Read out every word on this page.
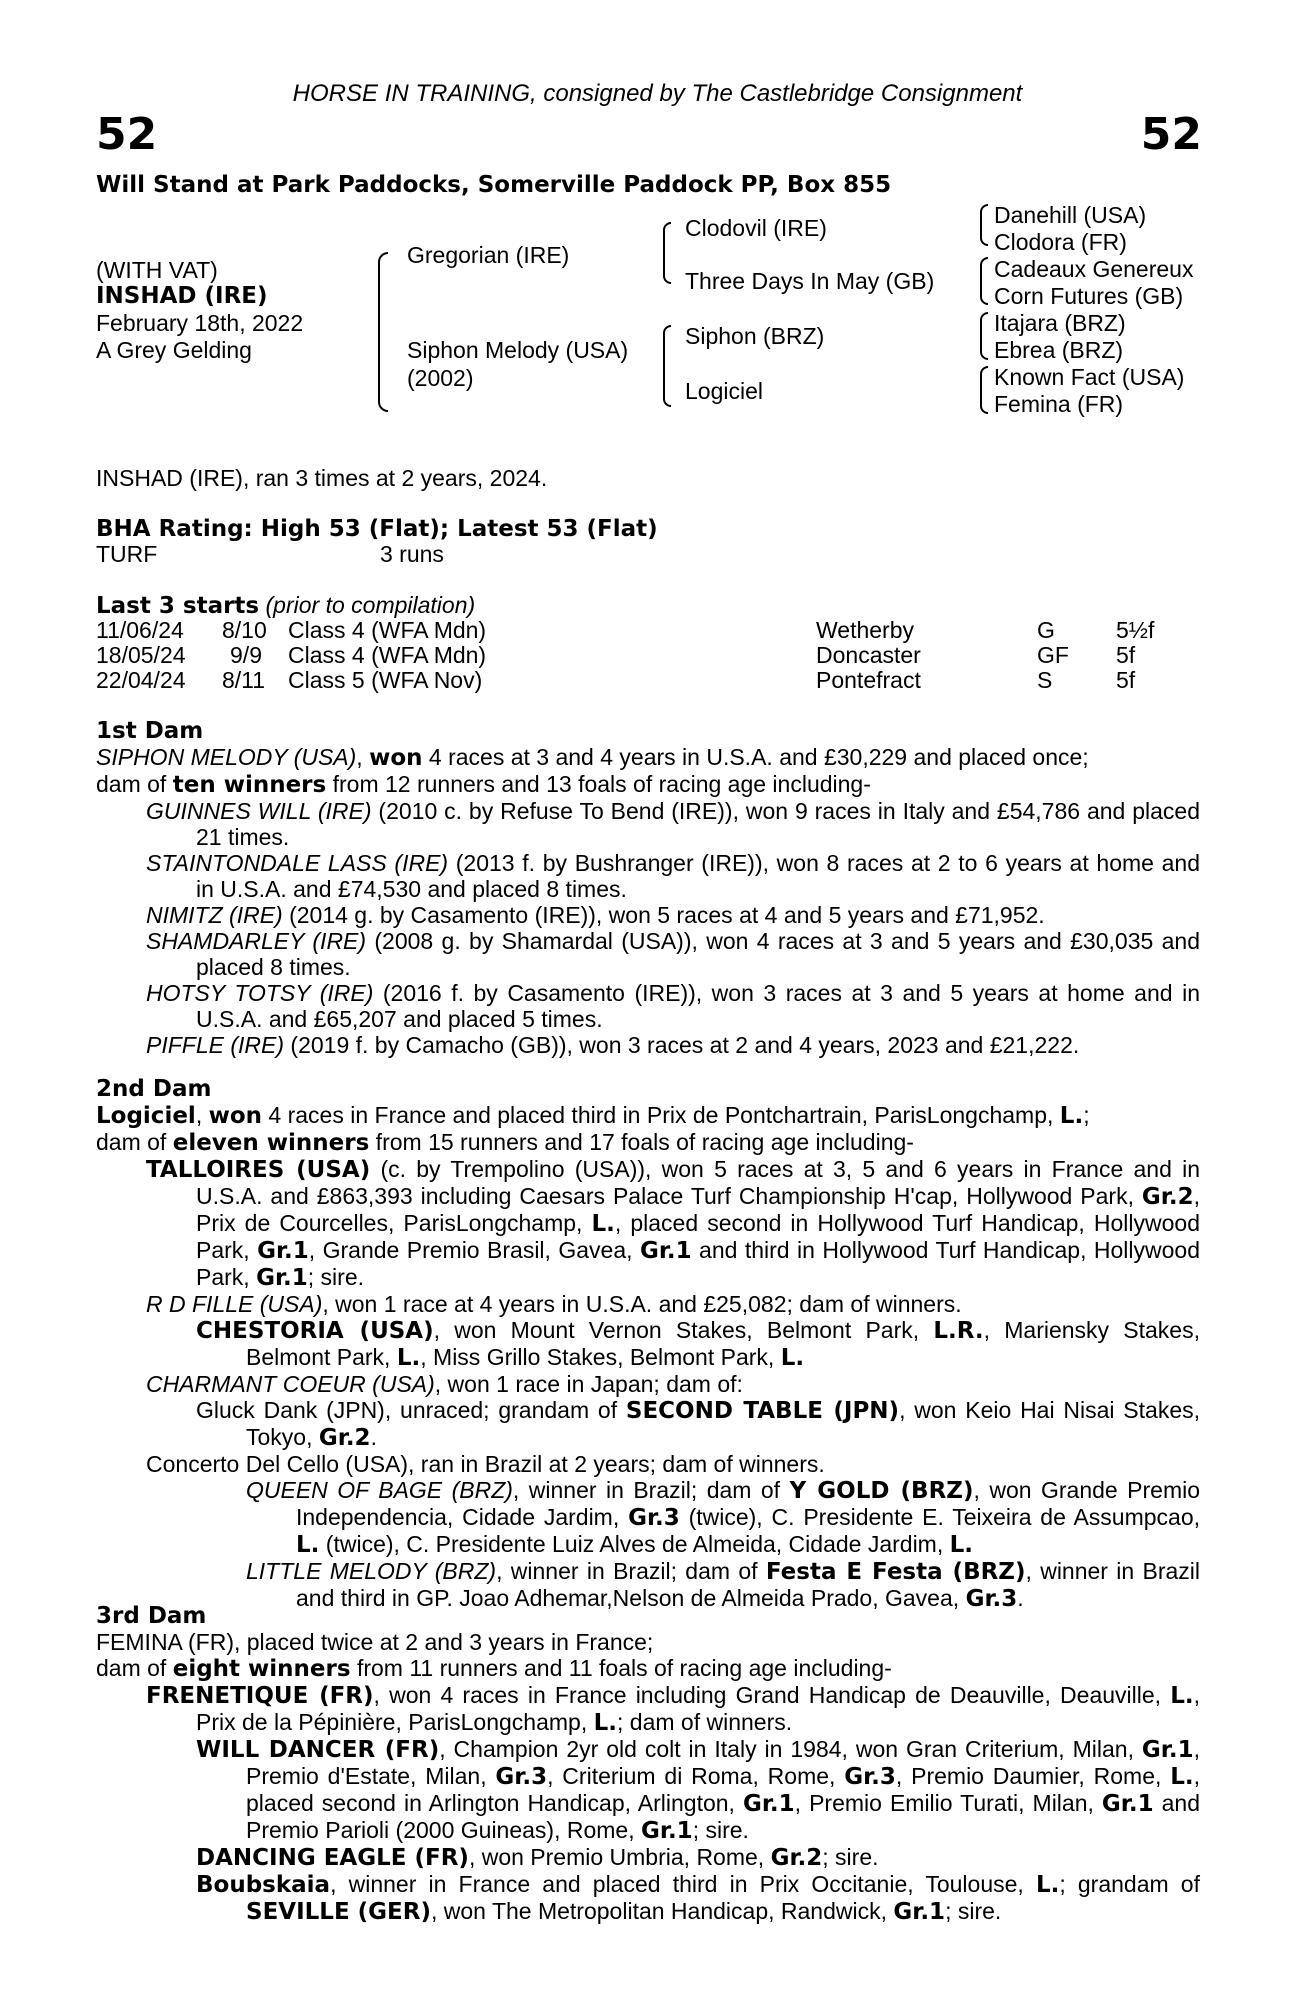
HORSE IN TRAINING, consigned by The Castlebridge Consignment
52	52
Will Stand at Park Paddocks, Somerville Paddock PP, Box 855
(WITH VAT)
INSHAD (IRE)
February 18th, 2022
A Grey Gelding
Gregorian (IRE)
Siphon Melody (USA)
(2002)
Clodovil (IRE)
Three Days In May (GB)
Siphon (BRZ)
Logiciel
Danehill (USA)
Clodora (FR)
Cadeaux Genereux
Corn Futures (GB)
Itajara (BRZ)
Ebrea (BRZ)
Known Fact (USA)
Femina (FR)
INSHAD (IRE), ran 3 times at 2 years, 2024.
BHA Rating: High 53 (Flat); Latest 53 (Flat)
TURF	3 runs
Last 3 starts (prior to compilation)
11/06/24 8/10 Class 4 (WFA Mdn)	Wetherby	G	5½f
18/05/24	9/9 Class 4 (WFA Mdn)	Doncaster	GF 5f
22/04/24 8/11 Class 5 (WFA Nov)	Pontefract	S	5f

1st Dam

SIPHON MELODY (USA), won 4 races at 3 and 4 years in U.S.A. and £30,229 and placed once;

dam of ten winners from 12 runners and 13 foals of racing age including-

GUINNES WILL (IRE) (2010 c. by Refuse To Bend (IRE)), won 9 races in Italy and £54,786 and placed 21 times.

STAINTONDALE LASS (IRE) (2013 f. by Bushranger (IRE)), won 8 races at 2 to 6 years at home and in U.S.A. and £74,530 and placed 8 times.

NIMITZ (IRE) (2014 g. by Casamento (IRE)), won 5 races at 4 and 5 years and £71,952.

SHAMDARLEY (IRE) (2008 g. by Shamardal (USA)), won 4 races at 3 and 5 years and £30,035 and placed 8 times.

HOTSY TOTSY (IRE) (2016 f. by Casamento (IRE)), won 3 races at 3 and 5 years at home and in U.S.A. and £65,207 and placed 5 times.

PIFFLE (IRE) (2019 f. by Camacho (GB)), won 3 races at 2 and 4 years, 2023 and £21,222.

2nd Dam

Logiciel, won 4 races in France and placed third in Prix de Pontchartrain, ParisLongchamp, L.;

dam of eleven winners from 15 runners and 17 foals of racing age including-

TALLOIRES (USA) (c. by Trempolino (USA)), won 5 races at 3, 5 and 6 years in France and in U.S.A. and £863,393 including Caesars Palace Turf Championship H'cap, Hollywood Park, Gr.2, Prix de Courcelles, ParisLongchamp, L., placed second in Hollywood Turf Handicap, Hollywood Park, Gr.1, Grande Premio Brasil, Gavea, Gr.1 and third in Hollywood Turf Handicap, Hollywood Park, Gr.1; sire.

R D FILLE (USA), won 1 race at 4 years in U.S.A. and £25,082; dam of winners.

CHESTORIA (USA), won Mount Vernon Stakes, Belmont Park, L.R., Mariensky Stakes, Belmont Park, L., Miss Grillo Stakes, Belmont Park, L.

CHARMANT COEUR (USA), won 1 race in Japan; dam of:

Gluck Dank (JPN), unraced; grandam of SECOND TABLE (JPN), won Keio Hai Nisai Stakes, Tokyo, Gr.2.

Concerto Del Cello (USA), ran in Brazil at 2 years; dam of winners.

QUEEN OF BAGE (BRZ), winner in Brazil; dam of Y GOLD (BRZ), won Grande Premio Independencia, Cidade Jardim, Gr.3 (twice), C. Presidente E. Teixeira de Assumpcao, L. (twice), C. Presidente Luiz Alves de Almeida, Cidade Jardim, L.

LITTLE MELODY (BRZ), winner in Brazil; dam of Festa E Festa (BRZ), winner in Brazil and third in GP. Joao Adhemar,Nelson de Almeida Prado, Gavea, Gr.3.

3rd Dam

FEMINA (FR), placed twice at 2 and 3 years in France;

dam of eight winners from 11 runners and 11 foals of racing age including-

FRENETIQUE (FR), won 4 races in France including Grand Handicap de Deauville, Deauville, L., Prix de la Pépinière, ParisLongchamp, L.; dam of winners.

WILL DANCER (FR), Champion 2yr old colt in Italy in 1984, won Gran Criterium, Milan, Gr.1, Premio d'Estate, Milan, Gr.3, Criterium di Roma, Rome, Gr.3, Premio Daumier, Rome, L., placed second in Arlington Handicap, Arlington, Gr.1, Premio Emilio Turati, Milan, Gr.1 and Premio Parioli (2000 Guineas), Rome, Gr.1; sire.

DANCING EAGLE (FR), won Premio Umbria, Rome, Gr.2; sire.

Boubskaia, winner in France and placed third in Prix Occitanie, Toulouse, L.; grandam of SEVILLE (GER), won The Metropolitan Handicap, Randwick, Gr.1; sire.
